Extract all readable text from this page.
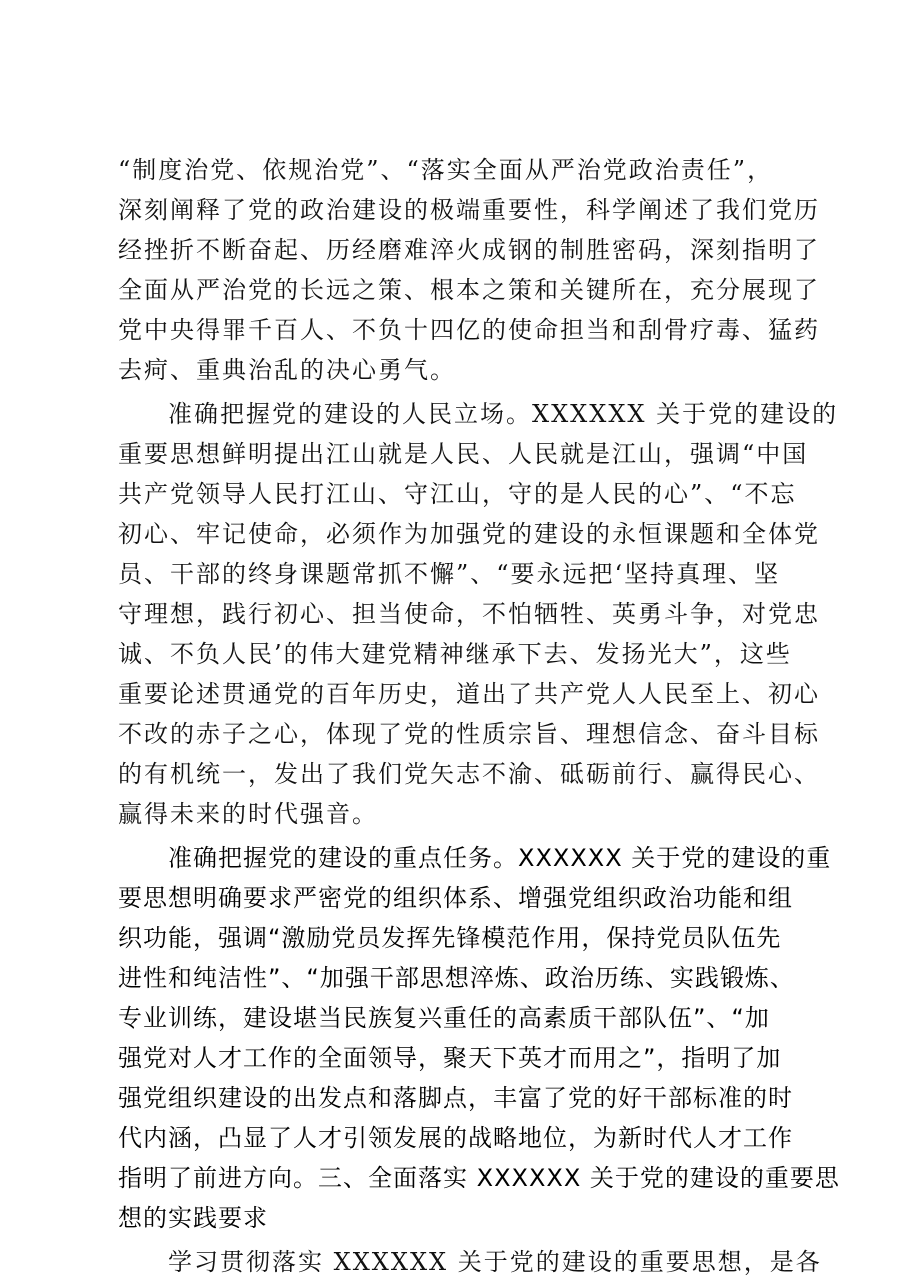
“制度治党、依规治党”、“落实全面从严治党政治责任”，
深刻阐释了党的政治建设的极端重要性，科学阐述了我们党历
经挫折不断奋起、历经磨难淬火成钢的制胜密码，深刻指明了
全面从严治党的长远之策、根本之策和关键所在，充分展现了
党中央得罪千百人、不负十四亿的使命担当和刮骨疗毒、猛药
去疴、重典治乱的决心勇气。
准确把握党的建设的人民立场。XXXXXX 关于党的建设的
重要思想鲜明提出江山就是人民、人民就是江山，强调“中国
共产党领导人民打江山、守江山，守的是人民的心”、“不忘
初心、牢记使命，必须作为加强党的建设的永恒课题和全体党
员、干部的终身课题常抓不懈”、“要永远把‘坚持真理、坚
守理想，践行初心、担当使命，不怕牺牲、英勇斗争，对党忠
诚、不负人民’的伟大建党精神继承下去、发扬光大”，这些
重要论述贯通党的百年历史，道出了共产党人人民至上、初心
不改的赤子之心，体现了党的性质宗旨、理想信念、奋斗目标
的有机统一，发出了我们党矢志不渝、砥砺前行、赢得民心、
赢得未来的时代强音。
准确把握党的建设的重点任务。XXXXXX 关于党的建设的重
要思想明确要求严密党的组织体系、增强党组织政治功能和组
织功能，强调“激励党员发挥先锋模范作用，保持党员队伍先
进性和纯洁性”、“加强干部思想淬炼、政治历练、实践锻炼、
专业训练，建设堪当民族复兴重任的高素质干部队伍”、“加
强党对人才工作的全面领导，聚天下英才而用之”，指明了加
强党组织建设的出发点和落脚点，丰富了党的好干部标准的时
代内涵，凸显了人才引领发展的战略地位，为新时代人才工作
指明了前进方向。三、全面落实 XXXXXX 关于党的建设的重要思
想的实践要求
学习贯彻落实 XXXXXX 关于党的建设的重要思想，是各
